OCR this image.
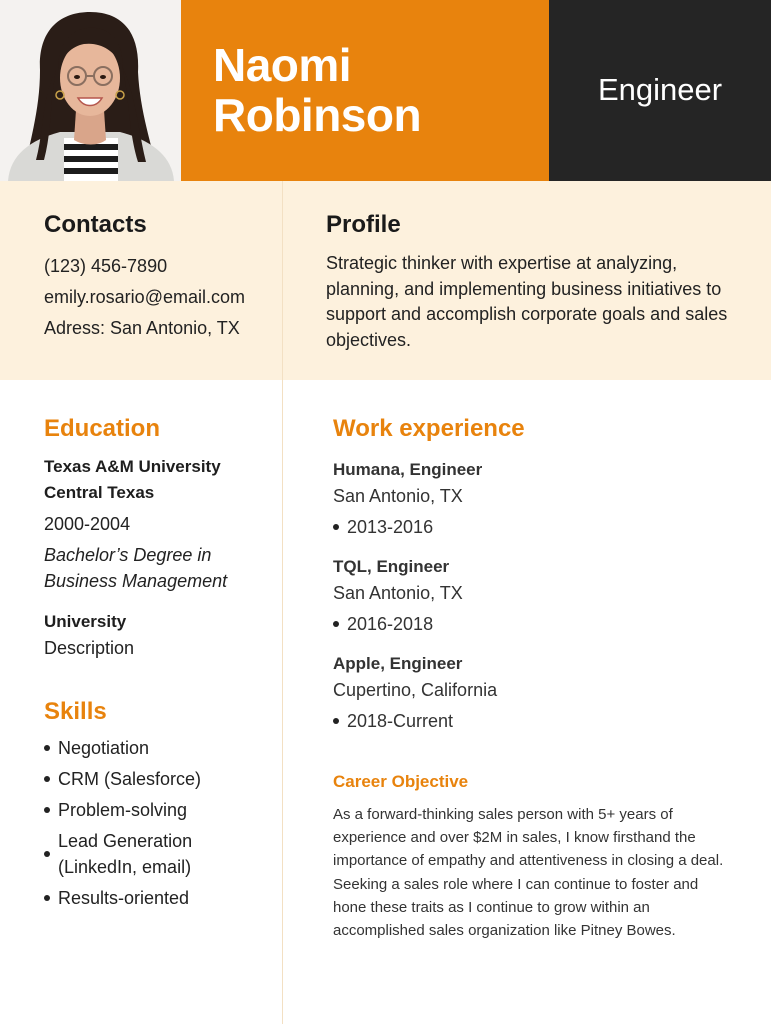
Naomi
Robinson	Engineer
Contacts
(123) 456-7890
emily.rosario@email.com
Adress: San Antonio, TX
Profile

Strategic thinker with expertise at analyzing, planning, and implementing business initiatives to support and accomplish corporate goals and sales objectives.

Education
Texas A&M University
Central Texas
2000-2004
Bachelor’s Degree in
Business Management
University
Description
Skills
Negotiation
CRM (Salesforce)
Problem-solving
Lead Generation
(LinkedIn, email)
Results-oriented
Work experience
Humana, Engineer
San Antonio, TX
2013-2016
TQL, Engineer
San Antonio, TX
2016-2018
Apple, Engineer
Cupertino, California
2018-Current
Career Objective

As a forward-thinking sales person with 5+ years of experience and over $2M in sales, I know firsthand the importance of empathy and attentiveness in closing a deal. Seeking a sales role where I can continue to foster and hone these traits as I continue to grow within an accomplished sales organization like Pitney Bowes.
